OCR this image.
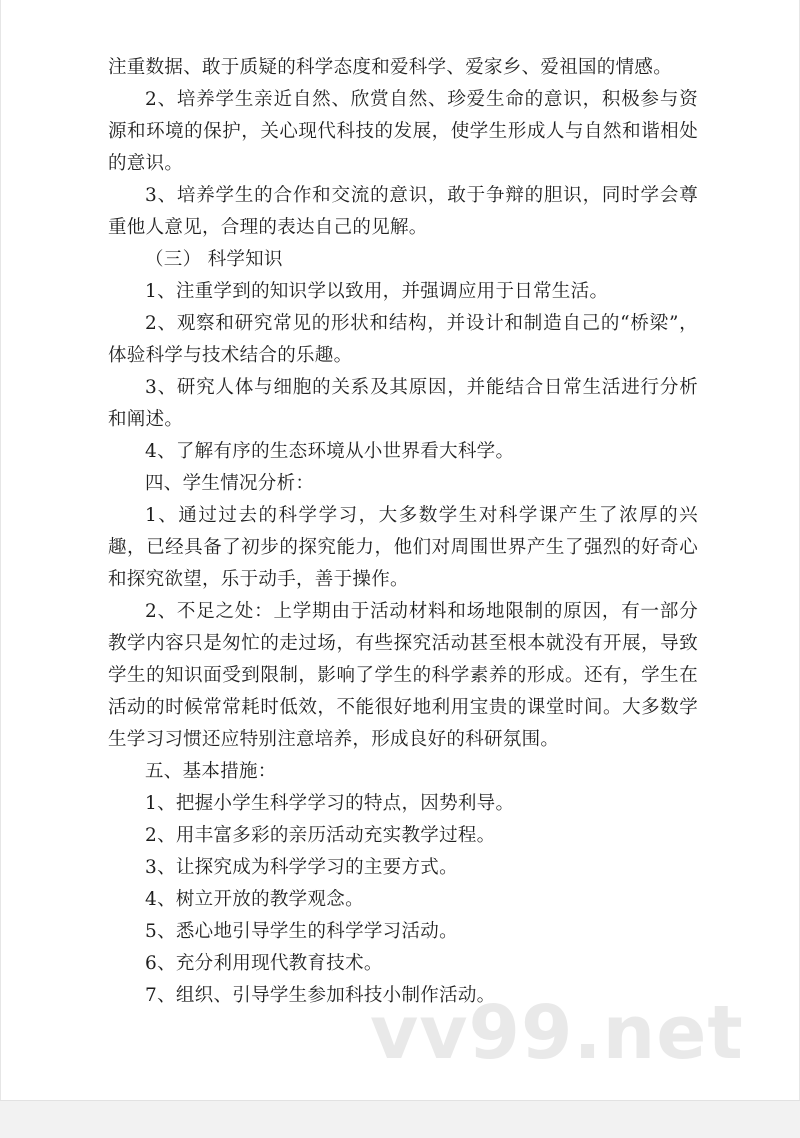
注重数据、敢于质疑的科学态度和爱科学、爱家乡、爱祖国的情感。

2、培养学生亲近自然、欣赏自然、珍爱生命的意识，积极参与资源和环境的保护，关心现代科技的发展，使学生形成人与自然和谐相处的意识。

3、培养学生的合作和交流的意识，敢于争辩的胆识，同时学会尊重他人意见，合理的表达自己的见解。

（三） 科学知识

1、注重学到的知识学以致用，并强调应用于日常生活。

2、观察和研究常见的形状和结构，并设计和制造自己的“桥梁”，体验科学与技术结合的乐趣。

3、研究人体与细胞的关系及其原因，并能结合日常生活进行分析和阐述。

4、了解有序的生态环境从小世界看大科学。

四、学生情况分析：

1、通过过去的科学学习，大多数学生对科学课产生了浓厚的兴趣，已经具备了初步的探究能力，他们对周围世界产生了强烈的好奇心和探究欲望，乐于动手，善于操作。

2、不足之处：上学期由于活动材料和场地限制的原因，有一部分教学内容只是匆忙的走过场，有些探究活动甚至根本就没有开展，导致学生的知识面受到限制，影响了学生的科学素养的形成。还有，学生在活动的时候常常耗时低效，不能很好地利用宝贵的课堂时间。大多数学生学习习惯还应特别注意培养，形成良好的科研氛围。

五、基本措施：

1、把握小学生科学学习的特点，因势利导。

2、用丰富多彩的亲历活动充实教学过程。

3、让探究成为科学学习的主要方式。

4、树立开放的教学观念。

5、悉心地引导学生的科学学习活动。

6、充分利用现代教育技术。

7、组织、引导学生参加科技小制作活动。

vv99.net
